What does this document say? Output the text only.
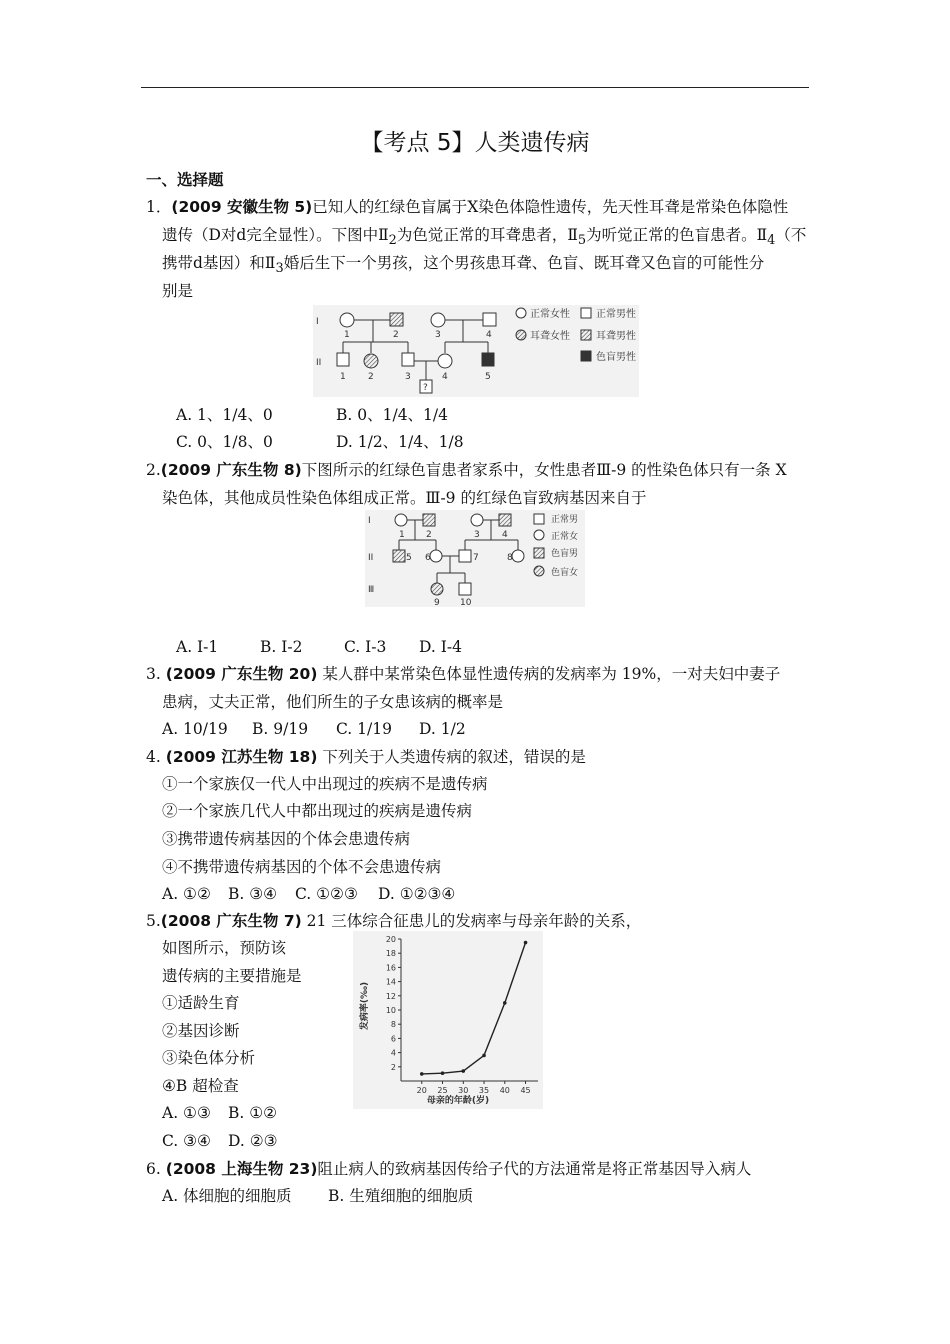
【考点 5】人类遗传病
一、选择题
1．(2009 安徽生物 5)已知人的红绿色盲属于X染色体隐性遗传，先天性耳聋是常染色体隐性
遗传（D对d完全显性）。下图中$Ⅱ_2$为色觉正常的耳聋患者，$Ⅱ_5$为听觉正常的色盲患者。$Ⅱ_4$（不
携带d基因）和$Ⅱ_3$婚后生下一个男孩，这个男孩患耳聋、色盲、既耳聋又色盲的可能性分
别是
I
II
1	2	3	4
1 2	3	4	5
?
正常女性	正常男性
耳聋女性	耳聋男性
色盲男性
A. 1、1/4、0	B. 0、1/4、1/4
C. 0、1/8、0	D. 1/2、1/4、1/8
2.(2009 广东生物 8)下图所示的红绿色盲患者家系中，女性患者Ⅲ-9 的性染色体只有一条 X
染色体，其他成员性染色体组成正常。Ⅲ-9 的红绿色盲致病基因来自于
I
II
Ⅲ
1 2	3 4
5 6	7	8
9 10
正常男
正常女
色盲男
色盲女
A. Ⅰ-1	B. Ⅰ-2	C. Ⅰ-3 D. Ⅰ-4
3. (2009 广东生物 20) 某人群中某常染色体显性遗传病的发病率为 19%，一对夫妇中妻子
患病，丈夫正常，他们所生的子女患该病的概率是
A. 10/19 B. 9/19 C. 1/19 D. 1/2
4. (2009 江苏生物 18) 下列关于人类遗传病的叙述，错误的是
①一个家族仅一代人中出现过的疾病不是遗传病
②一个家族几代人中都出现过的疾病是遗传病
③携带遗传病基因的个体会患遗传病
④不携带遗传病基因的个体不会患遗传病
A. ①② B. ③④ C. ①②③ D. ①②③④
5.(2008 广东生物 7) 21 三体综合征患儿的发病率与母亲年龄的关系，
如图所示，预防该
遗传病的主要措施是
①适龄生育
②基因诊断
③染色体分析
④B 超检查
A. ①③ B. ①②
C. ③④ D. ②③
发病率(‰)
母亲的年龄(岁)
2
4
6
8
10
12
14
16
18
20
20 25 30 35 40 45
6. (2008 上海生物 23)阻止病人的致病基因传给子代的方法通常是将正常基因导入病人
A. 体细胞的细胞质 B. 生殖细胞的细胞质
